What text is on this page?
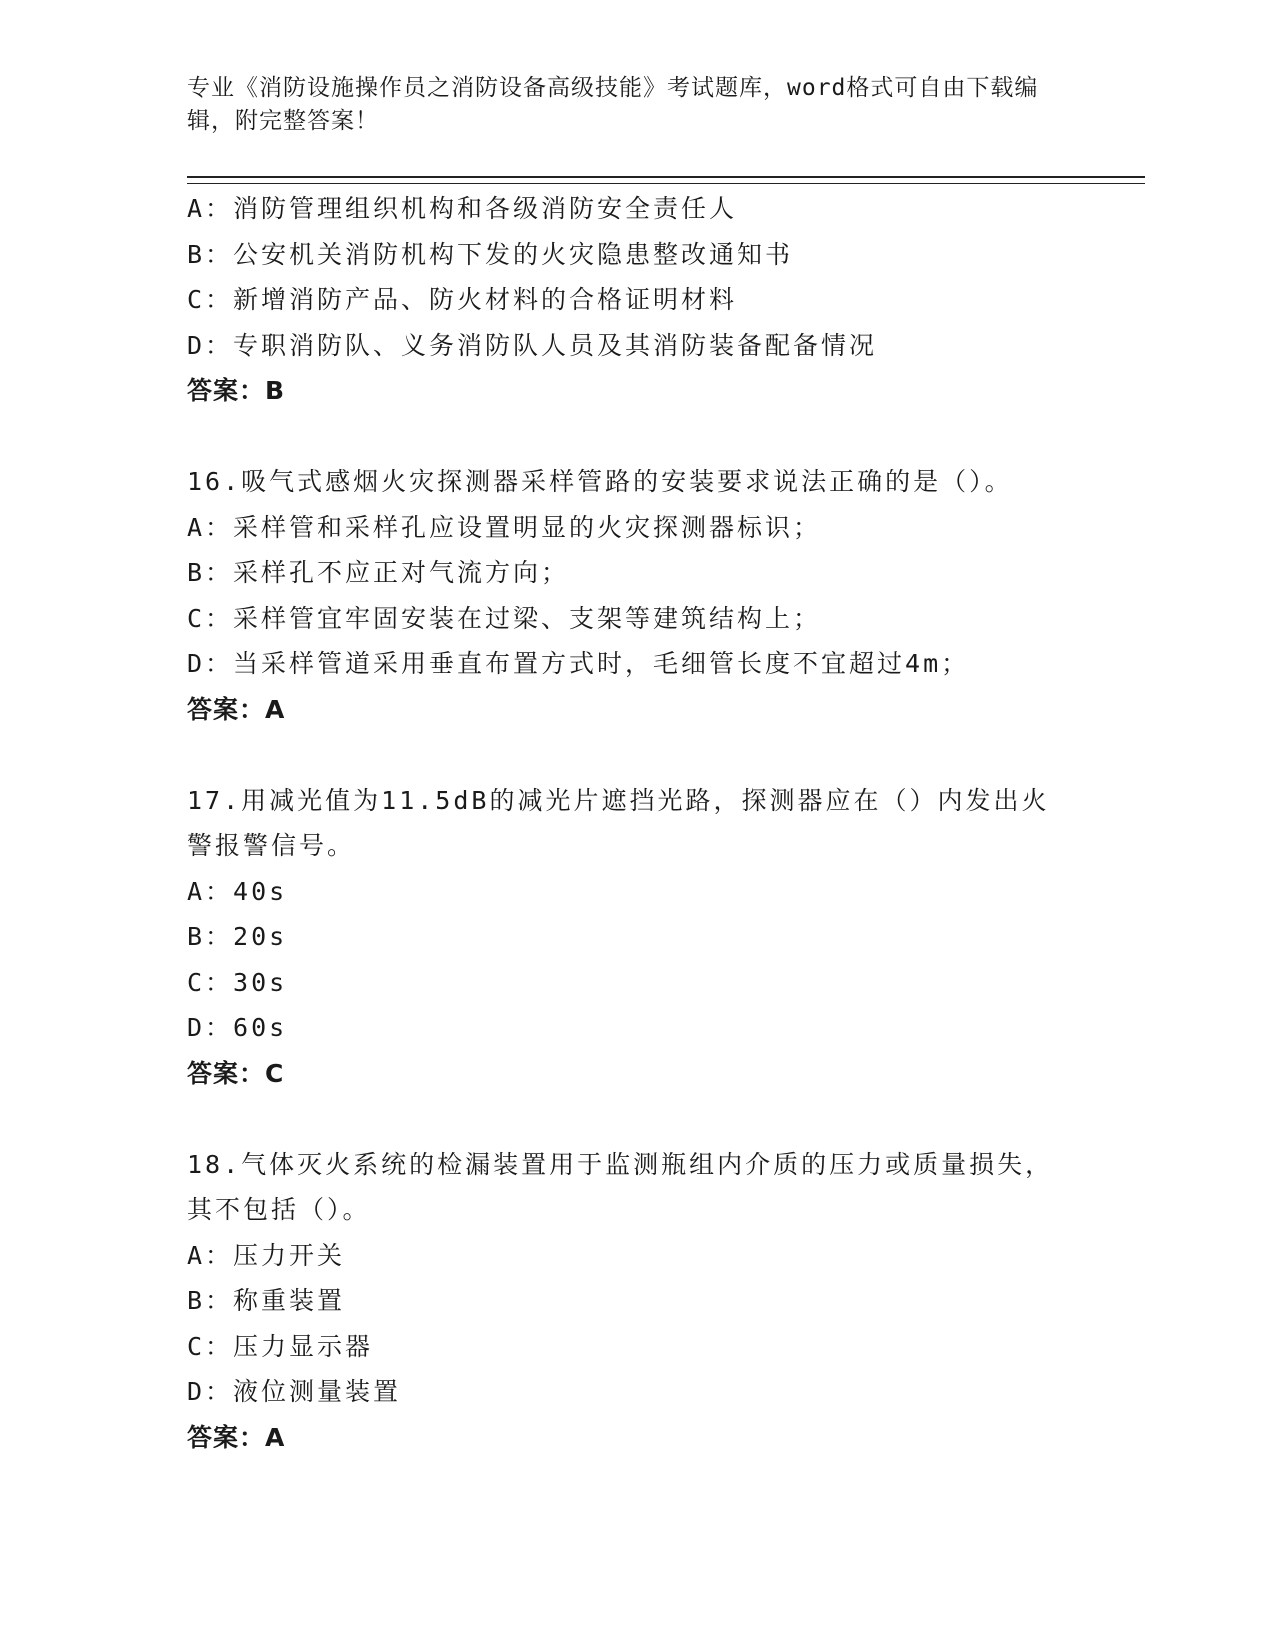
专业《消防设施操作员之消防设备高级技能》考试题库，word格式可自由下载编辑，附完整答案！
A：消防管理组织机构和各级消防安全责任人
B：公安机关消防机构下发的火灾隐患整改通知书
C：新增消防产品、防火材料的合格证明材料
D：专职消防队、义务消防队人员及其消防装备配备情况
答案：B
16.吸气式感烟火灾探测器采样管路的安装要求说法正确的是（）。
A：采样管和采样孔应设置明显的火灾探测器标识；
B：采样孔不应正对气流方向；
C：采样管宜牢固安装在过梁、支架等建筑结构上；
D：当采样管道采用垂直布置方式时，毛细管长度不宜超过4m；
答案：A
17.用减光值为11.5dB的减光片遮挡光路，探测器应在（）内发出火警报警信号。
A：40s
B：20s
C：30s
D：60s
答案：C
18.气体灭火系统的检漏装置用于监测瓶组内介质的压力或质量损失，其不包括（）。
A：压力开关
B：称重装置
C：压力显示器
D：液位测量装置
答案：A
